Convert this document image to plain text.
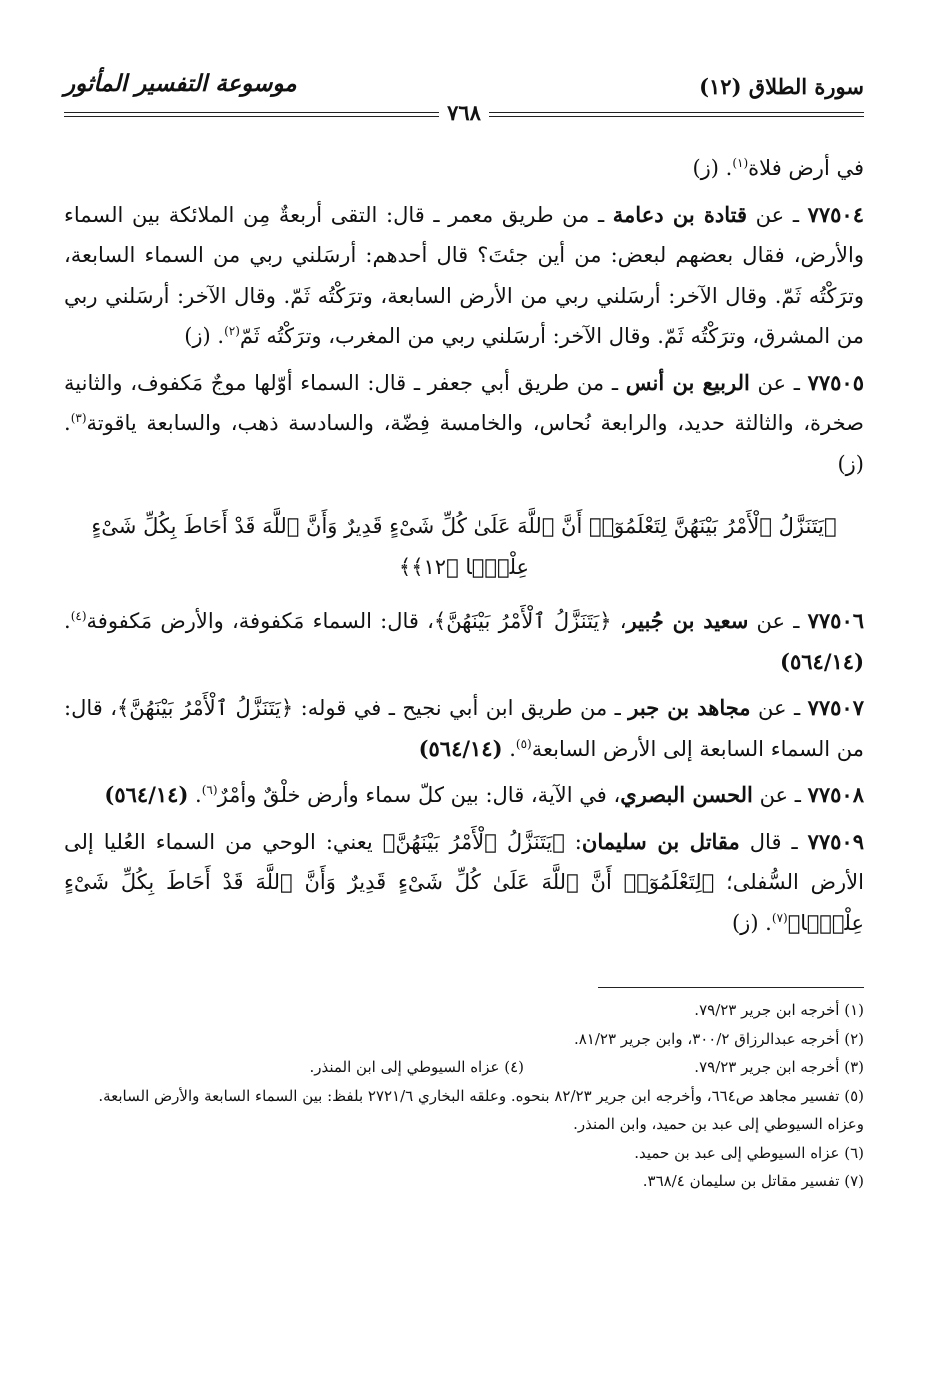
سورة الطلاق (١٢)
موسوعة التفسير المأثور
٧٦٨

في أرض فلاة$^{(١)}$. (ز)

٧٧٥٠٤ ـ عن قتادة بن دعامة ـ من طريق معمر ـ قال: التقى أربعةٌ مِن الملائكة بين السماء والأرض، فقال بعضهم لبعض: من أين جئتَ؟ قال أحدهم: أرسَلني ربي من السماء السابعة، وترَكْتُه ثَمّ. وقال الآخر: أرسَلني ربي من الأرض السابعة، وترَكْتُه ثَمّ. وقال الآخر: أرسَلني ربي من المشرق، وترَكْتُه ثَمّ. وقال الآخر: أرسَلني ربي من المغرب، وترَكْتُه ثَمّ$^{(٢)}$. (ز)

٧٧٥٠٥ ـ عن الربيع بن أنس ـ من طريق أبي جعفر ـ قال: السماء أوّلها موجٌ مَكفوف، والثانية صخرة، والثالثة حديد، والرابعة نُحاس، والخامسة فِضّة، والسادسة ذهب، والسابعة ياقوتة$^{(٣)}$. (ز)

﴿يَتَنَزَّلُ ٱلْأَمْرُ بَيْنَهُنَّ لِتَعْلَمُوٓا۟ أَنَّ ٱللَّهَ عَلَىٰ كُلِّ شَىْءٍ قَدِيرٌ وَأَنَّ ٱللَّهَ قَدْ أَحَاطَ بِكُلِّ شَىْءٍ عِلْمًۢا ﴿١٢﴾﴾

٧٧٥٠٦ ـ عن سعيد بن جُبير، ﴿يَتَنَزَّلُ ٱلْأَمْرُ بَيْنَهُنَّ﴾، قال: السماء مَكفوفة، والأرض مَكفوفة$^{(٤)}$. (٥٦٤/١٤)

٧٧٥٠٧ ـ عن مجاهد بن جبر ـ من طريق ابن أبي نجيح ـ في قوله: ﴿يَتَنَزَّلُ ٱلْأَمْرُ بَيْنَهُنَّ﴾، قال: من السماء السابعة إلى الأرض السابعة$^{(٥)}$. (٥٦٤/١٤)

٧٧٥٠٨ ـ عن الحسن البصري، في الآية، قال: بين كلّ سماء وأرض خلْقٌ وأمْرٌ$^{(٦)}$. (٥٦٤/١٤)

٧٧٥٠٩ ـ قال مقاتل بن سليمان: ﴿يَتَنَزَّلُ ٱلْأَمْرُ بَيْنَهُنَّ﴾ يعني: الوحي من السماء العُليا إلى الأرض السُّفلى؛ ﴿لِتَعْلَمُوٓا۟ أَنَّ ٱللَّهَ عَلَىٰ كُلِّ شَىْءٍ قَدِيرٌ وَأَنَّ ٱللَّهَ قَدْ أَحَاطَ بِكُلِّ شَىْءٍ عِلْمًۢا﴾$^{(٧)}$. (ز)

(١) أخرجه ابن جرير ٧٩/٢٣.

(٢) أخرجه عبدالرزاق ٣٠٠/٢، وابن جرير ٨١/٢٣.

(٣) أخرجه ابن جرير ٧٩/٢٣.

(٤) عزاه السيوطي إلى ابن المنذر.

(٥) تفسير مجاهد ص٦٦٤، وأخرجه ابن جرير ٨٢/٢٣ بنحوه. وعلقه البخاري ٢٧٢١/٦ بلفظ: بين السماء السابعة والأرض السابعة. وعزاه السيوطي إلى عبد بن حميد، وابن المنذر.

(٦) عزاه السيوطي إلى عبد بن حميد.

(٧) تفسير مقاتل بن سليمان ٣٦٨/٤.
